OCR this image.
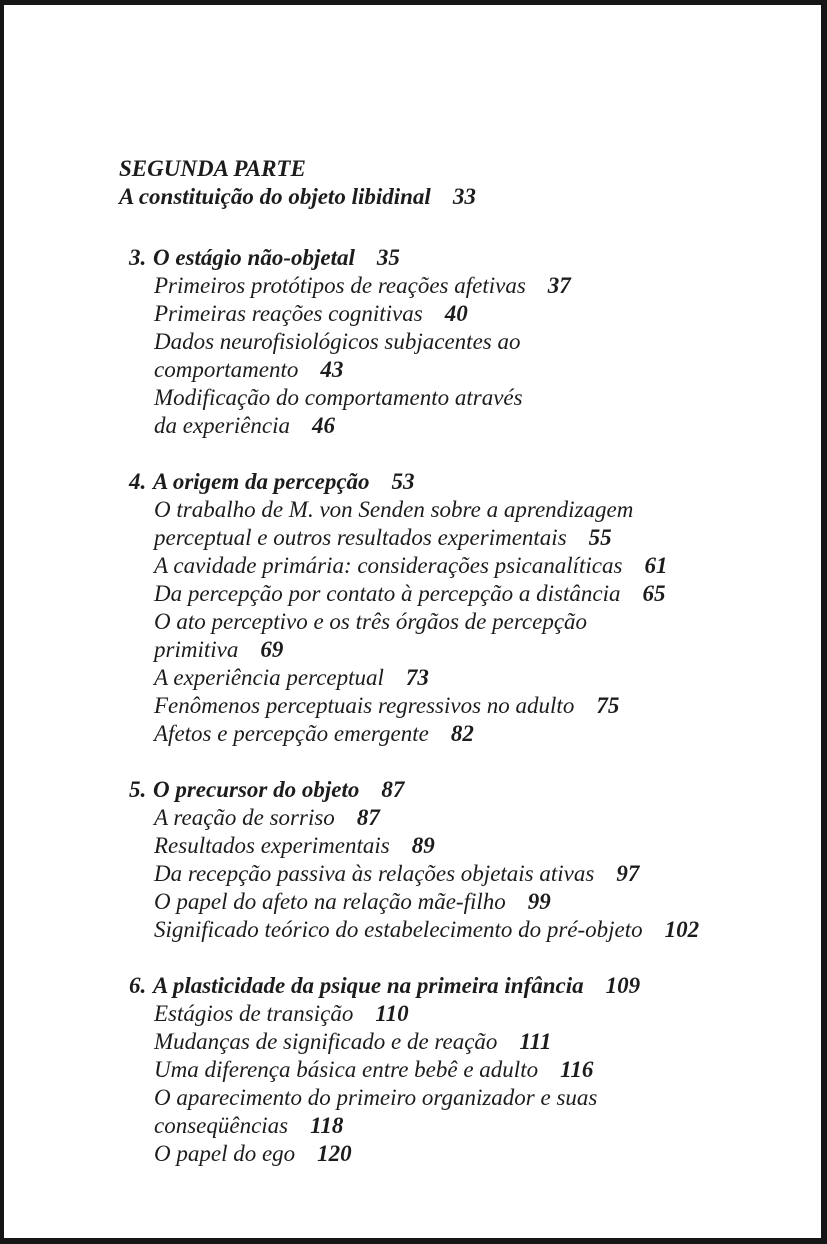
SEGUNDA PARTE
A constituição do objeto libidinal 33
3. O estágio não-objetal 35
Primeiros protótipos de reações afetivas 37
Primeiras reações cognitivas 40
Dados neurofisiológicos subjacentes ao
comportamento 43
Modificação do comportamento através
da experiência 46
4. A origem da percepção 53
O trabalho de M. von Senden sobre a aprendizagem
perceptual e outros resultados experimentais 55
A cavidade primária: considerações psicanalíticas 61
Da percepção por contato à percepção a distância 65
O ato perceptivo e os três órgãos de percepção
primitiva 69
A experiência perceptual 73
Fenômenos perceptuais regressivos no adulto 75
Afetos e percepção emergente 82
5. O precursor do objeto 87
A reação de sorriso 87
Resultados experimentais 89
Da recepção passiva às relações objetais ativas 97
O papel do afeto na relação mãe-filho 99
Significado teórico do estabelecimento do pré-objeto 102
6. A plasticidade da psique na primeira infância 109
Estágios de transição 110
Mudanças de significado e de reação 111
Uma diferença básica entre bebê e adulto 116
O aparecimento do primeiro organizador e suas
conseqüências 118
O papel do ego 120
